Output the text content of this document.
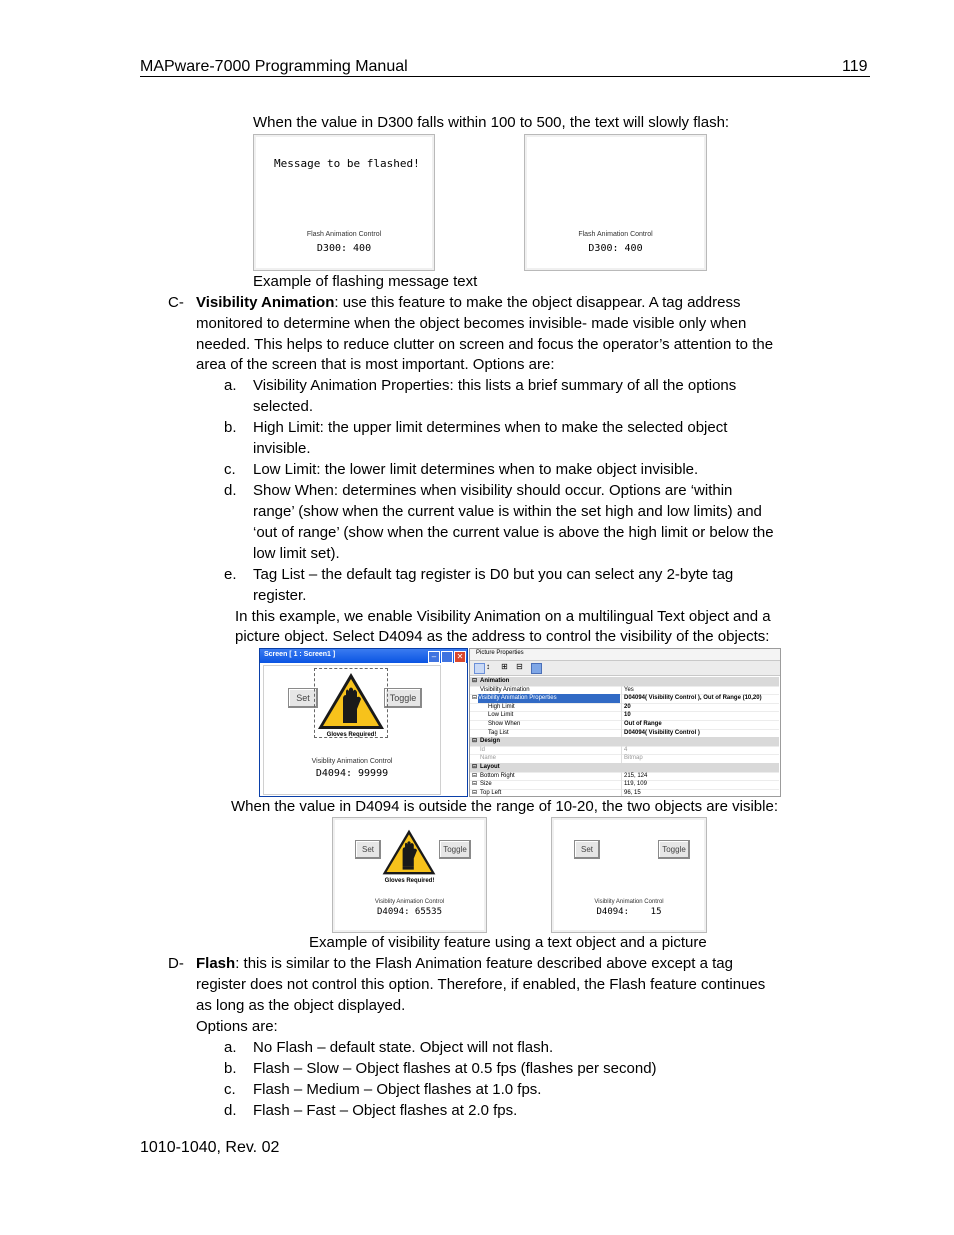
MAPware-7000 Programming Manual	119
When the value in D300 falls within 100 to 500, the text will slowly flash:
Message to be flashed!
Flash Animation Control
D300: 400
Flash Animation Control
D300: 400
Example of flashing message text
C- Visibility Animation: use this feature to make the object disappear. A tag address
monitored to determine when the object becomes invisible- made visible only when
needed. This helps to reduce clutter on screen and focus the operator’s attention to the
area of the screen that is most important. Options are:
a. Visibility Animation Properties: this lists a brief summary of all the options
selected.
b. High Limit: the upper limit determines when to make the selected object
invisible.
c. Low Limit: the lower limit determines when to make object invisible.
d. Show When: determines when visibility should occur. Options are ‘within
range’ (show when the current value is within the set high and low limits) and
‘out of range’ (show when the current value is above the high limit or below the
low limit set).
e. Tag List – the default tag register is D0 but you can select any 2-byte tag
register.
In this example, we enable Visibility Animation on a multilingual Text object and a
picture object. Select D4094 as the address to control the visibility of the objects:
Screen [ 1 : Screen1 ]	–	✕
Set	Toggle
Gloves Required!
Visiblity Animation Control
D4094: 99999
Picture Properties
↕ ⊞ ⊟
⊟ Animation
Visibility Animation	Yes
⊟ Visibility Animation Properties	D04094( Visibility Control ), Out of Range (10,20)
High Limit	20
Low Limit	10
Show When	Out of Range
Tag List	D04094( Visibility Control )
⊟ Design
Id	4
Name	Bitmap
⊟ Layout
⊟ Bottom Right	215, 124
⊟ Size	119, 109
⊟ Top Left	96, 15
When the value in D4094 is outside the range of 10-20, the two objects are visible:
Set	Toggle
Gloves Required!
Visiblity Animation Control
D4094: 65535
Set	Toggle
Visiblity Animation Control
D4094:    15
Example of visibility feature using a text object and a picture
D- Flash: this is similar to the Flash Animation feature described above except a tag
register does not control this option. Therefore, if enabled, the Flash feature continues
as long as the object displayed.
Options are:
a. No Flash – default state. Object will not flash.
b. Flash – Slow – Object flashes at 0.5 fps (flashes per second)
c. Flash – Medium – Object flashes at 1.0 fps.
d. Flash – Fast – Object flashes at 2.0 fps.
1010-1040, Rev. 02
